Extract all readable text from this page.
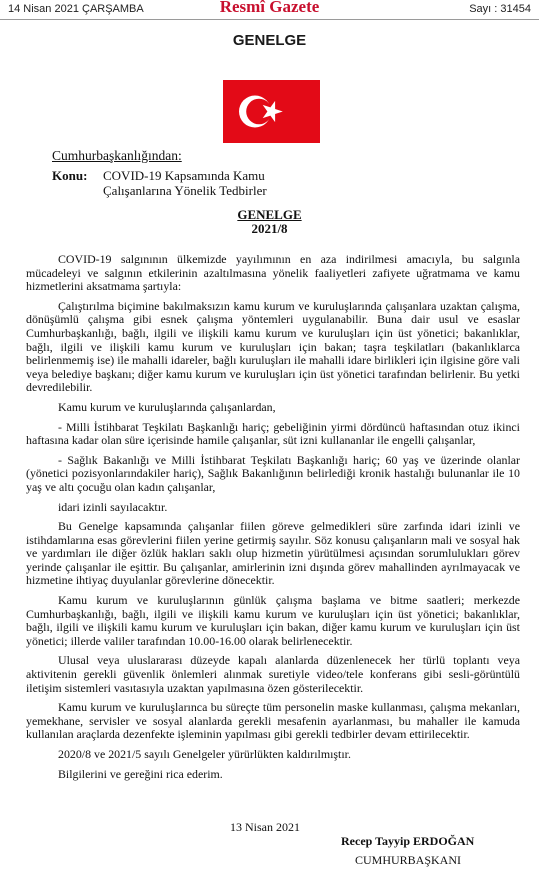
14 Nisan 2021 ÇARŞAMBA	Resmî Gazete	Sayı : 31454
GENELGE
Cumhurbaşkanlığından:
Konu: COVID-19 Kapsamında Kamu Çalışanlarına Yönelik Tedbirler
GENELGE
2021/8

COVID-19 salgınının ülkemizde yayılımının en aza indirilmesi amacıyla, bu salgınla mücadeleyi ve salgının etkilerinin azaltılmasına yönelik faaliyetleri zafiyete uğratmama ve kamu hizmetlerini aksatmama şartıyla:

Çalıştırılma biçimine bakılmaksızın kamu kurum ve kuruluşlarında çalışanlara uzaktan çalışma, dönüşümlü çalışma gibi esnek çalışma yöntemleri uygulanabilir. Buna dair usul ve esaslar Cumhurbaşkanlığı, bağlı, ilgili ve ilişkili kamu kurum ve kuruluşları için üst yönetici; bakanlıklar, bağlı, ilgili ve ilişkili kamu kurum ve kuruluşları için bakan; taşra teşkilatları (bakanlıklarca belirlenmemiş ise) ile mahalli idareler, bağlı kuruluşları ile mahalli idare birlikleri için ilgisine göre vali veya belediye başkanı; diğer kamu kurum ve kuruluşları için üst yönetici tarafından belirlenir. Bu yetki devredilebilir.

Kamu kurum ve kuruluşlarında çalışanlardan,

- Milli İstihbarat Teşkilatı Başkanlığı hariç; gebeliğinin yirmi dördüncü haftasından otuz ikinci haftasına kadar olan süre içerisinde hamile çalışanlar, süt izni kullananlar ile engelli çalışanlar,

- Sağlık Bakanlığı ve Milli İstihbarat Teşkilatı Başkanlığı hariç; 60 yaş ve üzerinde olanlar (yönetici pozisyonlarındakiler hariç), Sağlık Bakanlığının belirlediği kronik hastalığı bulunanlar ile 10 yaş ve altı çocuğu olan kadın çalışanlar,

idari izinli sayılacaktır.

Bu Genelge kapsamında çalışanlar fiilen göreve gelmedikleri süre zarfında idari izinli ve istihdamlarına esas görevlerini fiilen yerine getirmiş sayılır. Söz konusu çalışanların mali ve sosyal hak ve yardımları ile diğer özlük hakları saklı olup hizmetin yürütülmesi açısından sorumlulukları görev yerinde çalışanlar ile eşittir. Bu çalışanlar, amirlerinin izni dışında görev mahallinden ayrılmayacak ve hizmetine ihtiyaç duyulanlar görevlerine dönecektir.

Kamu kurum ve kuruluşlarının günlük çalışma başlama ve bitme saatleri; merkezde Cumhurbaşkanlığı, bağlı, ilgili ve ilişkili kamu kurum ve kuruluşları için üst yönetici; bakanlıklar, bağlı, ilgili ve ilişkili kamu kurum ve kuruluşları için bakan, diğer kamu kurum ve kuruluşları için üst yönetici; illerde valiler tarafından 10.00-16.00 olarak belirlenecektir.

Ulusal veya uluslararası düzeyde kapalı alanlarda düzenlenecek her türlü toplantı veya aktivitenin gerekli güvenlik önlemleri alınmak suretiyle video/tele konferans gibi sesli-görüntülü iletişim sistemleri vasıtasıyla uzaktan yapılmasına özen gösterilecektir.

Kamu kurum ve kuruluşlarınca bu süreçte tüm personelin maske kullanması, çalışma mekanları, yemekhane, servisler ve sosyal alanlarda gerekli mesafenin ayarlanması, bu mahaller ile kamuda kullanılan araçlarda dezenfekte işleminin yapılması gibi gerekli tedbirler devam ettirilecektir.

2020/8 ve 2021/5 sayılı Genelgeler yürürlükten kaldırılmıştır.

Bilgilerini ve gereğini rica ederim.

13 Nisan 2021
Recep Tayyip ERDOĞAN
CUMHURBAŞKANI
